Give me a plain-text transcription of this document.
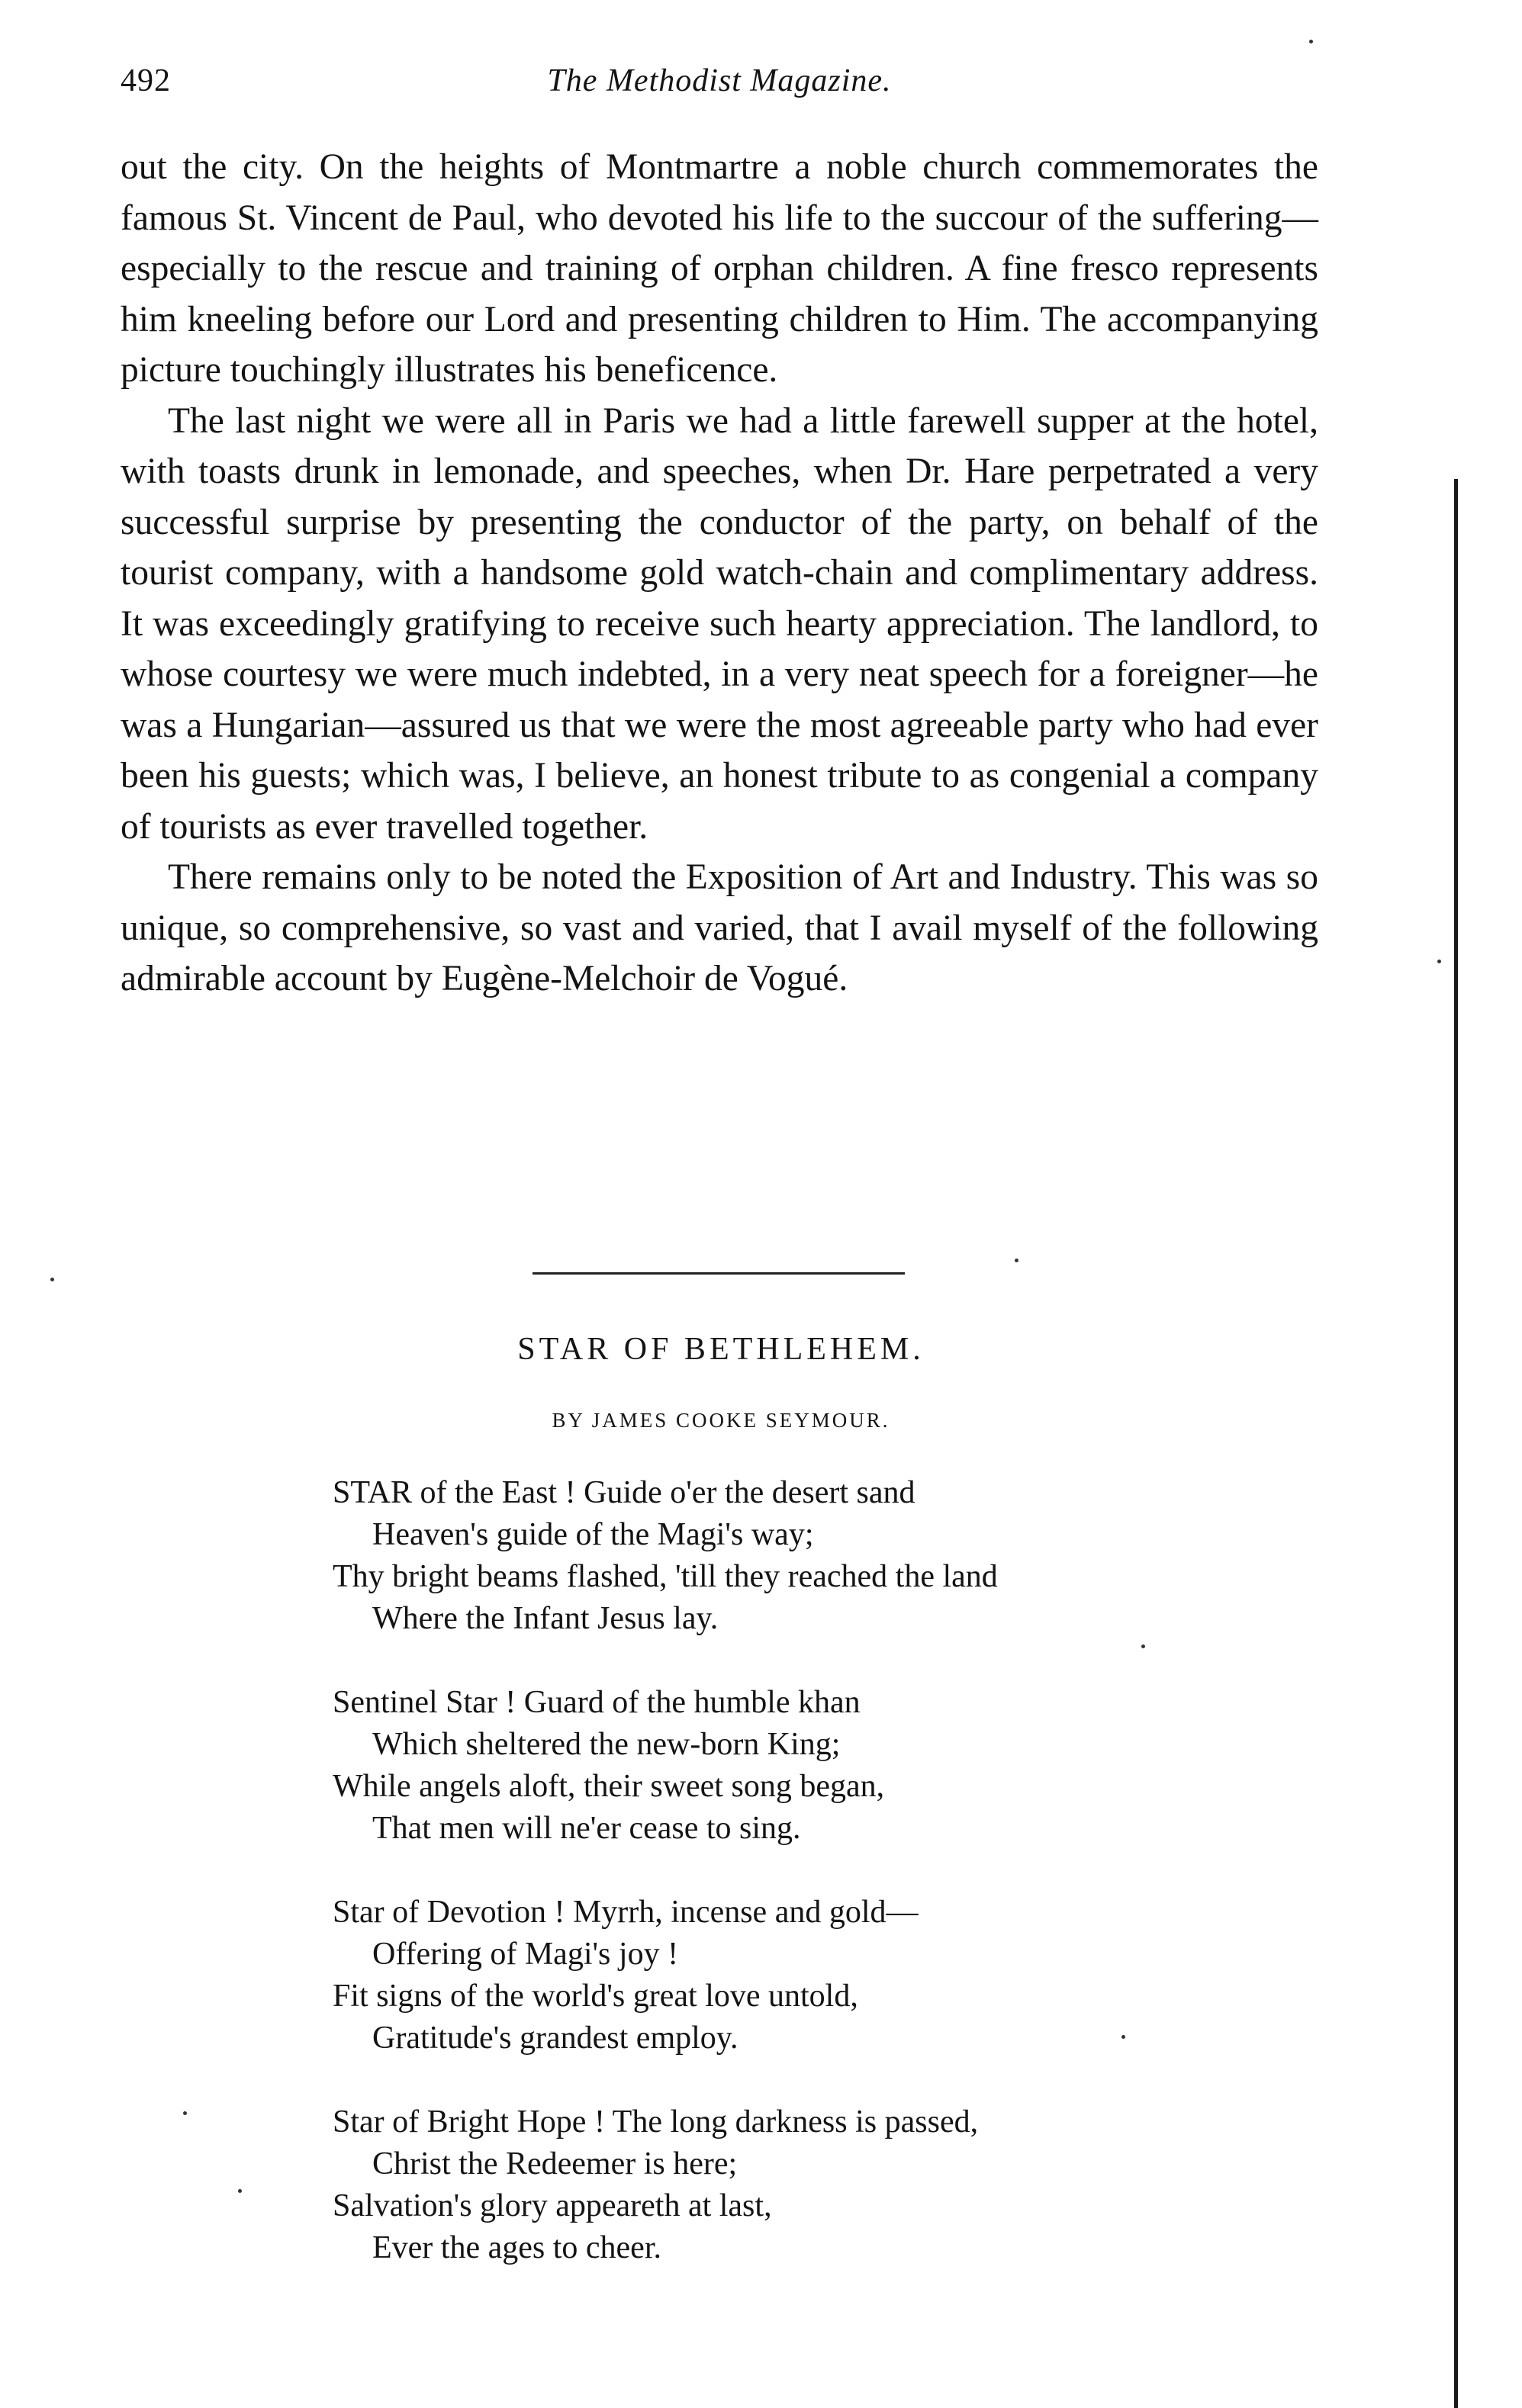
492	The Methodist Magazine.

out the city. On the heights of Montmartre a noble church commemorates the famous St. Vincent de Paul, who devoted his life to the succour of the suffering—especially to the rescue and training of orphan children. A fine fresco represents him kneeling before our Lord and presenting children to Him. The accompanying picture touchingly illustrates his beneficence.

The last night we were all in Paris we had a little farewell supper at the hotel, with toasts drunk in lemonade, and speeches, when Dr. Hare perpetrated a very successful surprise by presenting the conductor of the party, on behalf of the tourist company, with a handsome gold watch-chain and complimentary address. It was exceedingly gratifying to receive such hearty appreciation. The landlord, to whose courtesy we were much indebted, in a very neat speech for a foreigner—he was a Hungarian—assured us that we were the most agreeable party who had ever been his guests; which was, I believe, an honest tribute to as congenial a company of tourists as ever travelled together.

There remains only to be noted the Exposition of Art and Industry. This was so unique, so comprehensive, so vast and varied, that I avail myself of the following admirable account by Eugène-Melchoir de Vogué.

STAR OF BETHLEHEM.
BY JAMES COOKE SEYMOUR.
STAR of the East ! Guide o'er the desert sand
Heaven's guide of the Magi's way;
Thy bright beams flashed, 'till they reached the land
Where the Infant Jesus lay.
Sentinel Star ! Guard of the humble khan
Which sheltered the new-born King;
While angels aloft, their sweet song began,
That men will ne'er cease to sing.
Star of Devotion ! Myrrh, incense and gold—
Offering of Magi's joy !
Fit signs of the world's great love untold,
Gratitude's grandest employ.
Star of Bright Hope ! The long darkness is passed,
Christ the Redeemer is here;
Salvation's glory appeareth at last,
Ever the ages to cheer.
